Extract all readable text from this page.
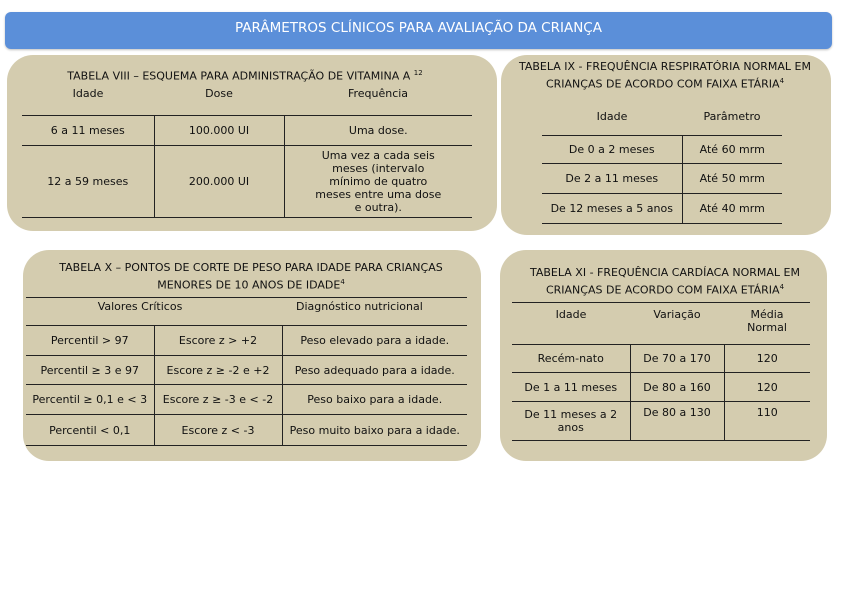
PARÂMETROS CLÍNICOS PARA AVALIAÇÃO DA CRIANÇA
TABELA VIII – ESQUEMA PARA ADMINISTRAÇÃO DE VITAMINA A $^{12}$
Idade	Dose	Frequência
6 a 11 meses	100.000 UI	Uma dose.
12 a 59 meses	200.000 UI	Uma vez a cada seis meses (intervalo mínimo de quatro meses entre uma dose e outra).
TABELA IX - FREQUÊNCIA RESPIRATÓRIA NORMAL EM CRIANÇAS DE ACORDO COM FAIXA ETÁRIA$^4$
Idade	Parâmetro
De 0 a 2 meses	Até 60 mrm
De 2 a 11 meses	Até 50 mrm
De 12 meses a 5 anos	Até 40 mrm
TABELA X – PONTOS DE CORTE DE PESO PARA IDADE PARA CRIANÇAS MENORES DE 10 ANOS DE IDADE$^4$
Valores Críticos		Diagnóstico nutricional
Percentil > 97	Escore z > +2	Peso elevado para a idade.
Percentil ≥ 3 e 97	Escore z ≥ -2 e +2	Peso adequado para a idade.
Percentil ≥ 0,1 e < 3	Escore z ≥ -3 e < -2	Peso baixo para a idade.
Percentil < 0,1	Escore z < -3	Peso muito baixo para a idade.
TABELA XI - FREQUÊNCIA CARDÍACA NORMAL EM CRIANÇAS DE ACORDO COM FAIXA ETÁRIA$^4$
Idade	Variação	Média Normal
Recém-nato	De 70 a 170	120
De 1 a 11 meses	De 80 a 160	120
De 11 meses a 2 anos	De 80 a 130	110
